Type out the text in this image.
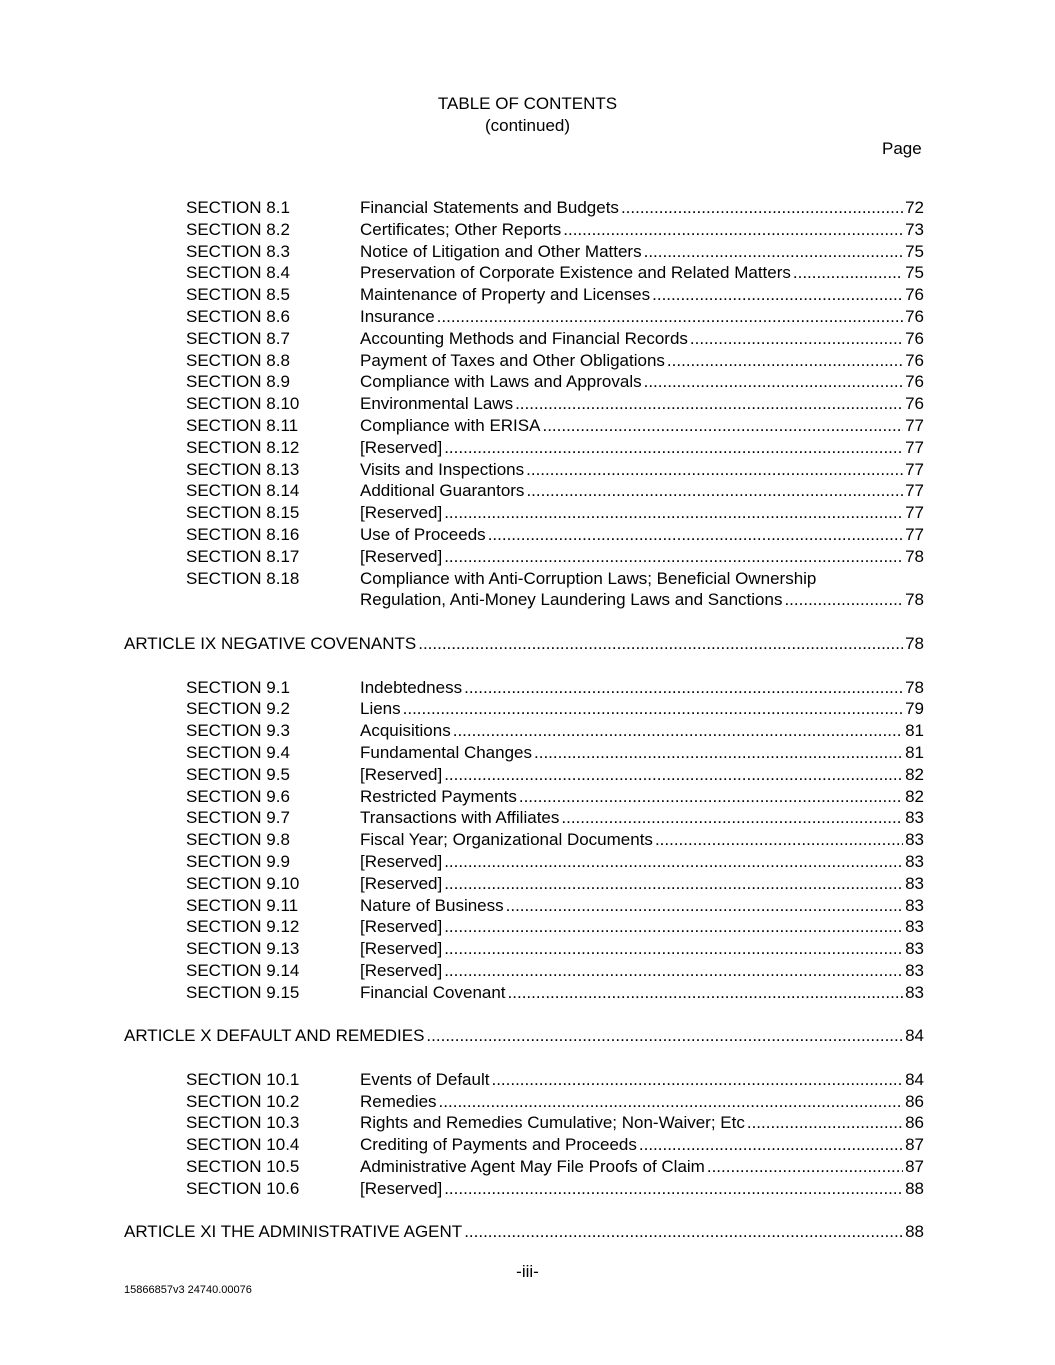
TABLE OF CONTENTS
(continued)
Page
SECTION 8.1	Financial Statements and Budgets .....	72
SECTION 8.2	Certificates; Other Reports .....	73
SECTION 8.3	Notice of Litigation and Other Matters .....	75
SECTION 8.4	Preservation of Corporate Existence and Related Matters .....	75
SECTION 8.5	Maintenance of Property and Licenses .....	76
SECTION 8.6	Insurance .....	76
SECTION 8.7	Accounting Methods and Financial Records .....	76
SECTION 8.8	Payment of Taxes and Other Obligations .....	76
SECTION 8.9	Compliance with Laws and Approvals .....	76
SECTION 8.10	Environmental Laws .....	76
SECTION 8.11	Compliance with ERISA .....	77
SECTION 8.12	[Reserved] .....	77
SECTION 8.13	Visits and Inspections .....	77
SECTION 8.14	Additional Guarantors .....	77
SECTION 8.15	[Reserved] .....	77
SECTION 8.16	Use of Proceeds .....	77
SECTION 8.17	[Reserved] .....	78
SECTION 8.18	Compliance with Anti-Corruption Laws; Beneficial Ownership
Regulation, Anti-Money Laundering Laws and Sanctions .....	78
ARTICLE IX NEGATIVE COVENANTS .....	78
SECTION 9.1	Indebtedness .....	78
SECTION 9.2	Liens .....	79
SECTION 9.3	Acquisitions .....	81
SECTION 9.4	Fundamental Changes .....	81
SECTION 9.5	[Reserved] .....	82
SECTION 9.6	Restricted Payments .....	82
SECTION 9.7	Transactions with Affiliates .....	83
SECTION 9.8	Fiscal Year; Organizational Documents .....	83
SECTION 9.9	[Reserved] .....	83
SECTION 9.10	[Reserved] .....	83
SECTION 9.11	Nature of Business .....	83
SECTION 9.12	[Reserved] .....	83
SECTION 9.13	[Reserved] .....	83
SECTION 9.14	[Reserved] .....	83
SECTION 9.15	Financial Covenant .....	83
ARTICLE X DEFAULT AND REMEDIES .....	84
SECTION 10.1	Events of Default .....	84
SECTION 10.2	Remedies .....	86
SECTION 10.3	Rights and Remedies Cumulative; Non-Waiver; Etc .....	86
SECTION 10.4	Crediting of Payments and Proceeds .....	87
SECTION 10.5	Administrative Agent May File Proofs of Claim .....	87
SECTION 10.6	[Reserved] .....	88
ARTICLE XI THE ADMINISTRATIVE AGENT .....	88
-iii-
15866857v3 24740.00076
